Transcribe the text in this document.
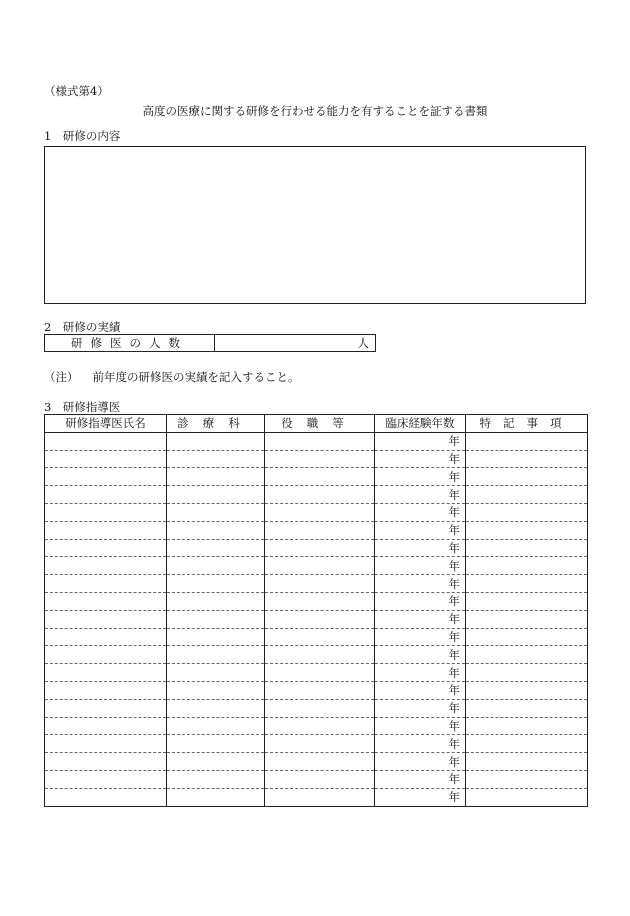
（様式第4）
高度の医療に関する研修を行わせる能力を有することを証する書類
1　研修の内容
2　研修の実績
研修医の人数	人
（注） 前年度の研修医の実績を記入すること。
3　研修指導医
研修指導医氏名	診療科	役職等	臨床経験年数	特記事項
			年	
			年	
			年	
			年	
			年	
			年	
			年	
			年	
			年	
			年	
			年	
			年	
			年	
			年	
			年	
			年	
			年	
			年	
			年	
			年	
			年	
